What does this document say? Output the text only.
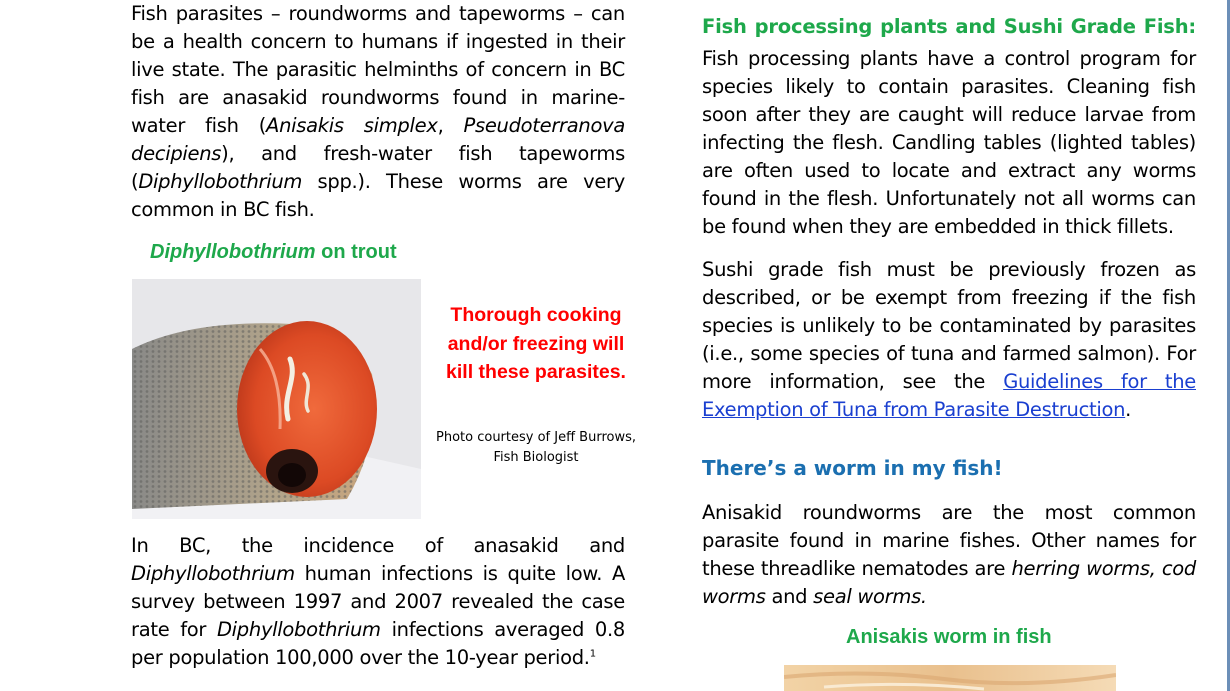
Fish parasites – roundworms and tapeworms – can be a health concern to humans if ingested in their live state. The parasitic helminths of concern in BC fish are anasakid roundworms found in marine-water fish (Anisakis simplex, Pseudoterranova decipiens), and fresh-water fish tapeworms (Diphyllobothrium spp.). These worms are very common in BC fish.

Diphyllobothrium on trout
Thorough cooking and/or freezing will kill these parasites.
Photo courtesy of Jeff Burrows, Fish Biologist

In BC, the incidence of anasakid and Diphyllobothrium human infections is quite low. A survey between 1997 and 2007 revealed the case rate for Diphyllobothrium infections averaged 0.8 per population 100,000 over the 10-year period.$^1$

Fish processing plants and Sushi Grade Fish:

Fish processing plants have a control program for species likely to contain parasites. Cleaning fish soon after they are caught will reduce larvae from infecting the flesh. Candling tables (lighted tables) are often used to locate and extract any worms found in the flesh. Unfortunately not all worms can be found when they are embedded in thick fillets.

Sushi grade fish must be previously frozen as described, or be exempt from freezing if the fish species is unlikely to be contaminated by parasites (i.e., some species of tuna and farmed salmon). For more information, see the Guidelines for the Exemption of Tuna from Parasite Destruction.

There’s a worm in my fish!

Anisakid roundworms are the most common parasite found in marine fishes. Other names for these threadlike nematodes are herring worms, cod worms and seal worms.

Anisakis worm in fish
